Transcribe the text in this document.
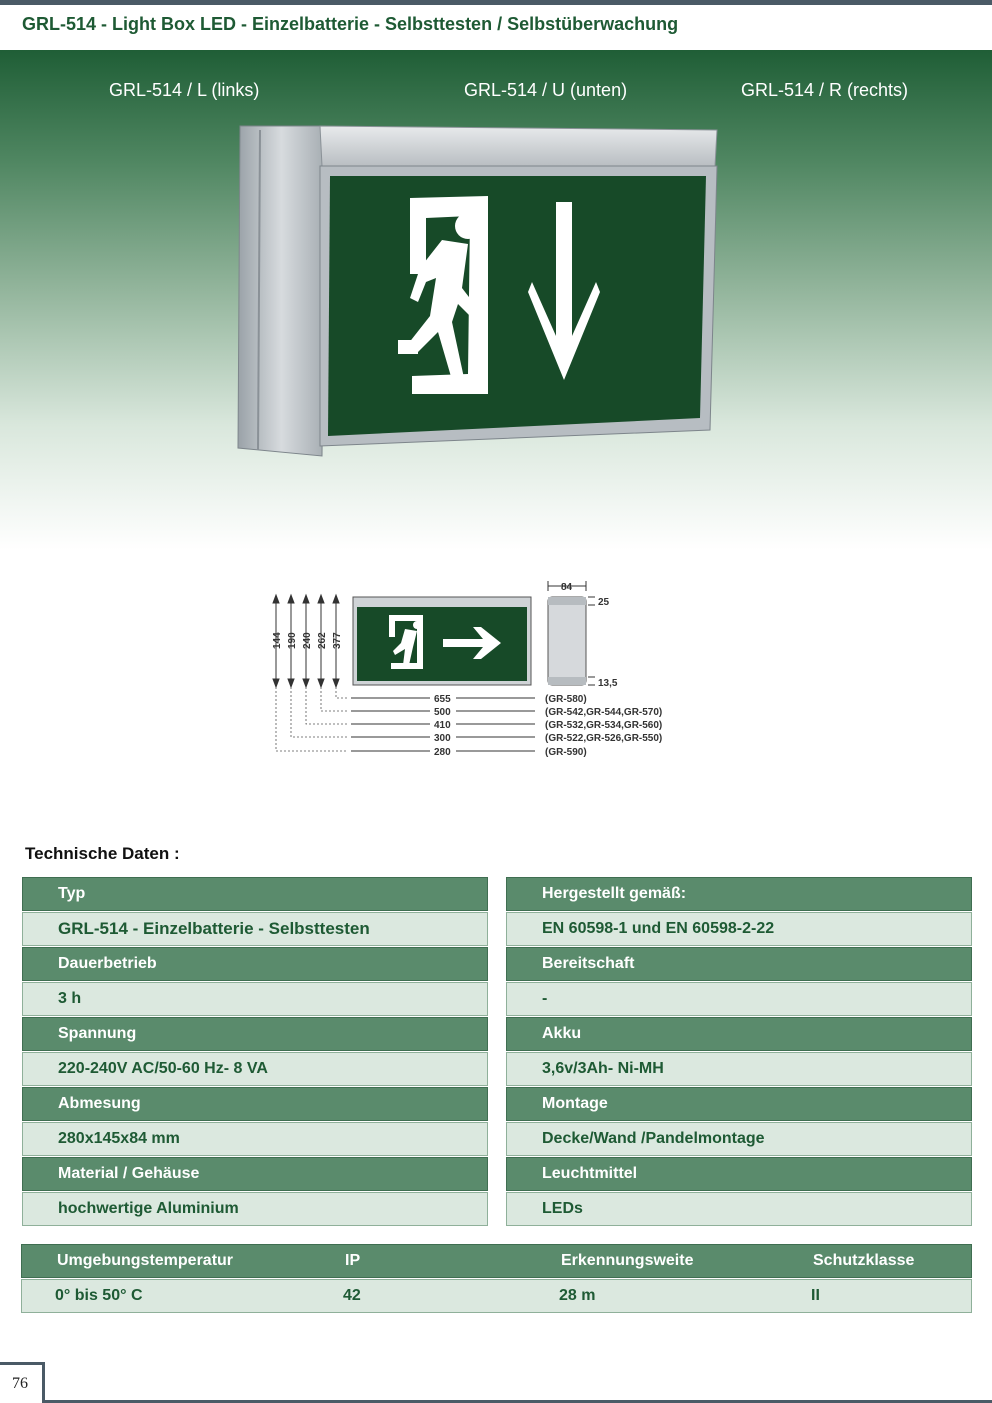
GRL-514 - Light Box LED - Einzelbatterie - Selbsttesten / Selbstüberwachung
GRL-514 / L (links)	GRL-514 / U (unten)	GRL-514 / R (rechts)
144 190 240 262 377
84
25
13,5
655
500
410
300
280
(GR-580)
(GR-542,GR-544,GR-570)
(GR-532,GR-534,GR-560)
(GR-522,GR-526,GR-550)
(GR-590)
Technische Daten :
Typ
GRL-514 - Einzelbatterie - Selbsttesten
Dauerbetrieb
3 h
Spannung
220-240V AC/50-60 Hz- 8 VA
Abmesung
280x145x84 mm
Material / Gehäuse
hochwertige Aluminium
Hergestellt gemäß:
EN 60598-1 und EN 60598-2-22
Bereitschaft
-
Akku
3,6v/3Ah- Ni-MH
Montage
Decke/Wand /Pandelmontage
Leuchtmittel
LEDs
Umgebungstemperatur	IP	Erkennungsweite	Schutzklasse
0° bis 50° C	42	28 m	II
76
